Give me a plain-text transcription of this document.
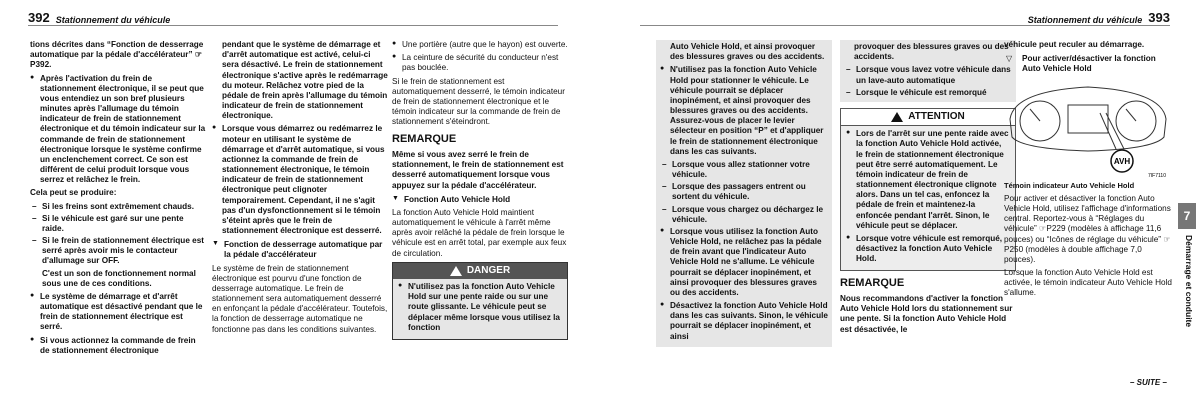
392 Stationnement du véhicule
tions décrites dans “Fonction de desserrage automatique par la pédale d'accélérateur” ☞P392.
● Après l'activation du frein de stationnement électronique, il se peut que vous entendiez un son bref plusieurs minutes après l'allumage du témoin indicateur de frein de stationnement électronique et du témoin indicateur sur la commande de frein de stationnement électronique lorsque le système confirme un enclenchement correct. Ce son est différent de celui produit lorsque vous serrez et relâchez le frein.
Cela peut se produire:
– Si les freins sont extrêmement chauds.
– Si le véhicule est garé sur une pente raide.
– Si le frein de stationnement électrique est serré après avoir mis le contacteur d'allumage sur OFF.
C'est un son de fonctionnement normal sous une de ces conditions.
● Le système de démarrage et d'arrêt automatique est désactivé pendant que le frein de stationnement électrique est serré.
● Si vous actionnez la commande de frein de stationnement électronique
pendant que le système de démarrage et d'arrêt automatique est activé, celui-ci sera désactivé. Le frein de stationnement électronique s'active après le redémarrage du moteur. Relâchez votre pied de la pédale de frein après l'allumage du témoin indicateur de frein de stationnement électronique.
● Lorsque vous démarrez ou redémarrez le moteur en utilisant le système de démarrage et d'arrêt automatique, si vous actionnez la commande de frein de stationnement électronique, le témoin indicateur de frein de stationnement électronique peut clignoter temporairement. Cependant, il ne s'agit pas d'un dysfonctionnement si le témoin s'éteint après que le frein de stationnement électronique est desserré.
▼ Fonction de desserrage automatique par la pédale d'accélérateur
Le système de frein de stationnement électronique est pourvu d'une fonction de desserrage automatique. Le frein de stationnement sera automatiquement desserré en enfonçant la pédale d'accélérateur. Toutefois, la fonction de desserrage automatique ne fonctionne pas dans les conditions suivantes.
● Une portière (autre que le hayon) est ouverte.
● La ceinture de sécurité du conducteur n'est pas bouclée.
Si le frein de stationnement est automatiquement desserré, le témoin indicateur de frein de stationnement électronique et le témoin indicateur sur la commande de frein de stationnement s'éteindront.
REMARQUE
Même si vous avez serré le frein de stationnement, le frein de stationnement est desserré automatiquement lorsque vous appuyez sur la pédale d'accélérateur.
▼ Fonction Auto Vehicle Hold
La fonction Auto Vehicle Hold maintient automatiquement le véhicule à l'arrêt même après avoir relâché la pédale de frein lorsque le véhicule est en arrêt total, par exemple aux feux de circulation.
DANGER
● N'utilisez pas la fonction Auto Vehicle Hold sur une pente raide ou sur une route glissante. Le véhicule peut se déplacer même lorsque vous utilisez la fonction
Stationnement du véhicule 393
Auto Vehicle Hold, et ainsi provoquer des blessures graves ou des accidents.
● N'utilisez pas la fonction Auto Vehicle Hold pour stationner le véhicule. Le véhicule pourrait se déplacer inopinément, et ainsi provoquer des blessures graves ou des accidents. Assurez-vous de placer le levier sélecteur en position “P” et d'appliquer le frein de stationnement électronique dans les cas suivants.
– Lorsque vous allez stationner votre véhicule.
– Lorsque des passagers entrent ou sortent du véhicule.
– Lorsque vous chargez ou déchargez le véhicule.
● Lorsque vous utilisez la fonction Auto Vehicle Hold, ne relâchez pas la pédale de frein avant que l'indicateur Auto Vehicle Hold ne s'allume. Le véhicule pourrait se déplacer inopinément, et ainsi provoquer des blessures graves ou des accidents.
● Désactivez la fonction Auto Vehicle Hold dans les cas suivants. Sinon, le véhicule pourrait se déplacer inopinément, et ainsi
provoquer des blessures graves ou des accidents.
– Lorsque vous lavez votre véhicule dans un lave-auto automatique
– Lorsque le véhicule est remorqué
ATTENTION
● Lors de l'arrêt sur une pente raide avec la fonction Auto Vehicle Hold activée, le frein de stationnement électronique peut être serré automatiquement. Le témoin indicateur de frein de stationnement électronique clignote alors. Dans un tel cas, enfoncez la pédale de frein et maintenez-la enfoncée pendant l'arrêt. Sinon, le véhicule peut se déplacer.
● Lorsque votre véhicule est remorqué, désactivez la fonction Auto Vehicle Hold.
REMARQUE
Nous recommandons d'activer la fonction Auto Vehicle Hold lors du stationnement sur une pente. Si la fonction Auto Vehicle Hold est désactivée, le
véhicule peut reculer au démarrage.
▽ Pour activer/désactiver la fonction Auto Vehicle Hold
AVH
7IF7110
Témoin indicateur Auto Vehicle Hold
Pour activer et désactiver la fonction Auto Vehicle Hold, utilisez l'affichage d'informations central. Reportez-vous à “Réglages du véhicule” ☞P229 (modèles à affichage 11,6 pouces) ou “Icônes de réglage du véhicule” ☞P250 (modèles à double affichage 7,0 pouces).
Lorsque la fonction Auto Vehicle Hold est activée, le témoin indicateur Auto Vehicle Hold s'allume.
7
Démarrage et conduite
– SUITE –
